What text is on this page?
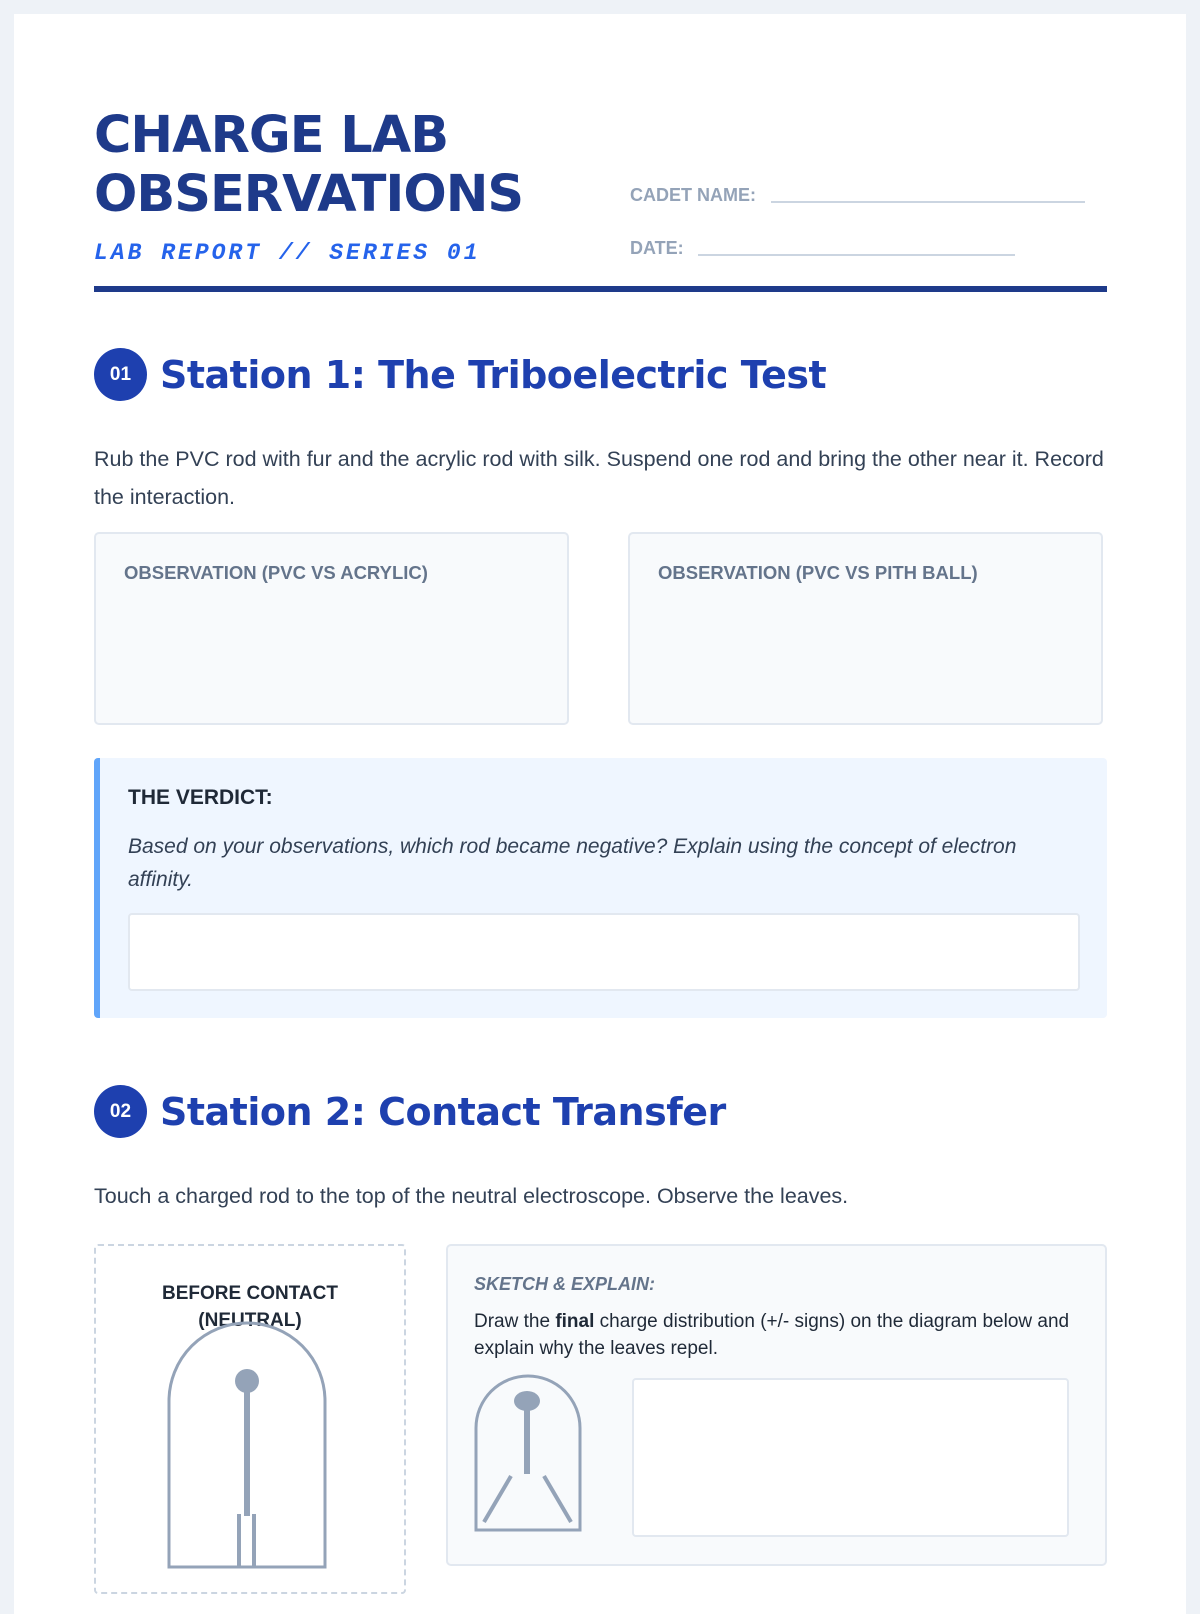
CHARGE LAB
OBSERVATIONS
LAB REPORT // SERIES 01
CADET NAME:
DATE:
01 Station 1: The Triboelectric Test
Rub the PVC rod with fur and the acrylic rod with silk. Suspend one rod and bring the other near it. Record the interaction.
OBSERVATION (PVC VS ACRYLIC)	OBSERVATION (PVC VS PITH BALL)
THE VERDICT:
Based on your observations, which rod became negative? Explain using the concept of electron affinity.
02 Station 2: Contact Transfer
Touch a charged rod to the top of the neutral electroscope. Observe the leaves.
BEFORE CONTACT
(NEUTRAL)
SKETCH & EXPLAIN:
Draw the final charge distribution (+/- signs) on the diagram below and explain why the leaves repel.
